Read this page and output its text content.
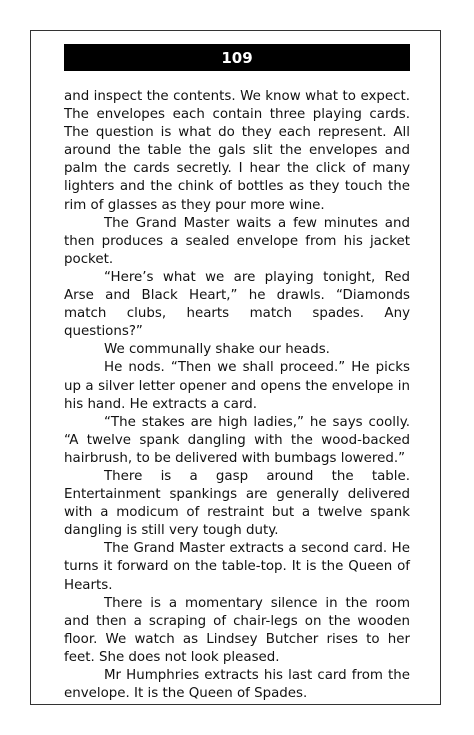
109

and inspect the contents. We know what to expect. The envelopes each contain three playing cards. The question is what do they each represent. All around the table the gals slit the envelopes and palm the cards secretly. I hear the click of many lighters and the chink of bottles as they touch the rim of glasses as they pour more wine.

The Grand Master waits a few minutes and then produces a sealed envelope from his jacket pocket.

“Here’s what we are playing tonight, Red Arse and Black Heart,” he drawls. “Diamonds match clubs, hearts match spades. Any questions?”

We communally shake our heads.

He nods. “Then we shall proceed.” He picks up a silver letter opener and opens the envelope in his hand. He extracts a card.

“The stakes are high ladies,” he says coolly. “A twelve spank dangling with the wood-backed hairbrush, to be delivered with bumbags lowered.”

There is a gasp around the table. Entertainment spankings are generally delivered with a modicum of restraint but a twelve spank dangling is still very tough duty.

The Grand Master extracts a second card. He turns it forward on the table-top. It is the Queen of Hearts.

There is a momentary silence in the room and then a scraping of chair-legs on the wooden floor. We watch as Lindsey Butcher rises to her feet. She does not look pleased.

Mr Humphries extracts his last card from the envelope. It is the Queen of Spades.
